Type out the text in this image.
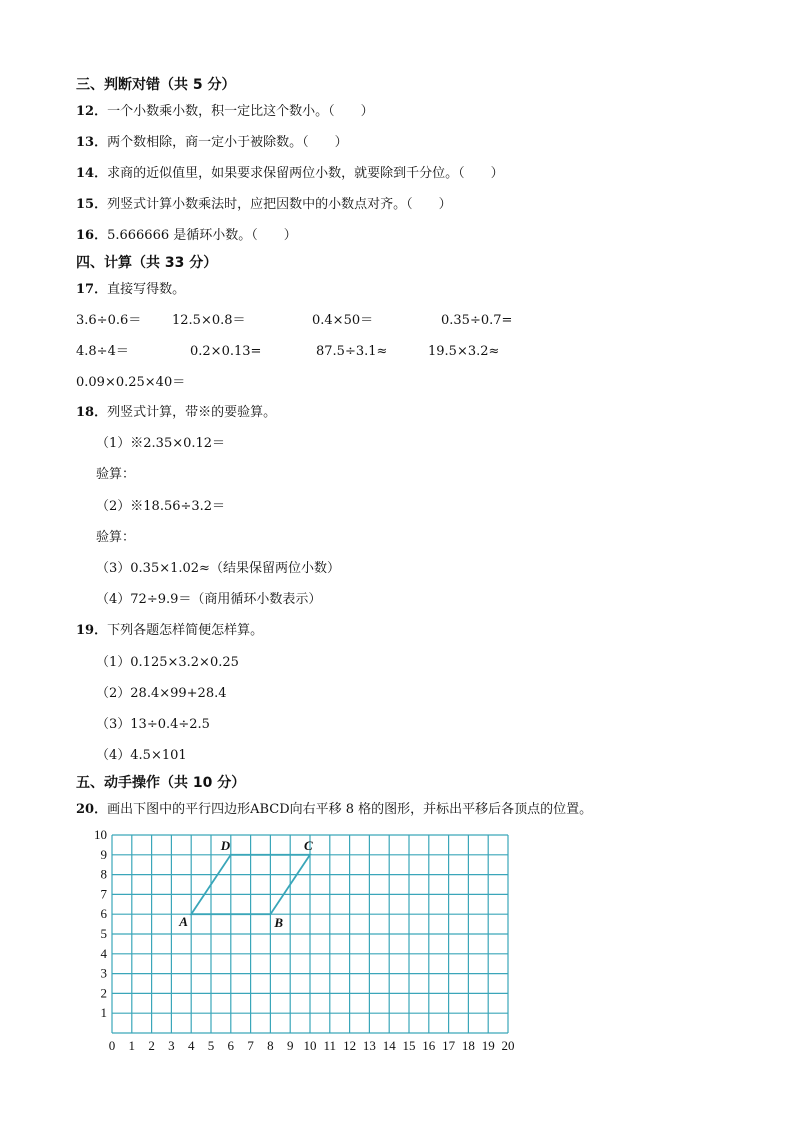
三、判断对错（共 5 分）
12．一个小数乘小数，积一定比这个数小。（　　）
13．两个数相除，商一定小于被除数。（　　）
14．求商的近似值里，如果要求保留两位小数，就要除到千分位。（　　）
15．列竖式计算小数乘法时，应把因数中的小数点对齐。（　　）
16．5.666666 是循环小数。（　　）
四、计算（共 33 分）
17．直接写得数。
3.6÷0.6＝ 12.5×0.8＝	0.4×50＝	0.35÷0.7=
4.8÷4＝	0.2×0.13=	87.5÷3.1≈	19.5×3.2≈
0.09×0.25×40＝
18．列竖式计算，带※的要验算。
（1）※2.35×0.12＝
验算：
（2）※18.56÷3.2＝
验算：
（3）0.35×1.02≈（结果保留两位小数）
（4）72÷9.9＝（商用循环小数表示）
19．下列各题怎样简便怎样算。
（1）0.125×3.2×0.25
（2）28.4×99+28.4
（3）13÷0.4÷2.5
（4）4.5×101
五、动手操作（共 10 分）
20．画出下图中的平行四边形ABCD向右平移 8 格的图形，并标出平移后各顶点的位置。
0 1 2 3 4 5 6 7 8 9 10 11 12 13 14 15 16 17 18 19 20
1
2
3
4
5
6
7
8
9
10
A	B
C
D
